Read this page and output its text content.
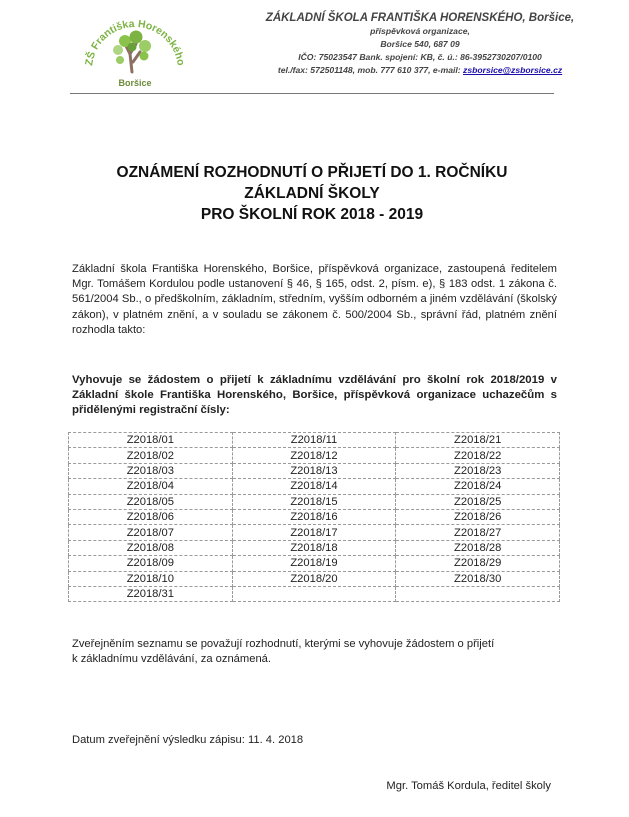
ZŠ Františka Horenského
Boršice
ZÁKLADNÍ ŠKOLA FRANTIŠKA HORENSKÉHO, Boršice,
příspěvková organizace,
Boršice 540, 687 09
IČO: 75023547 Bank. spojení: KB, č. ú.: 86-3952730207/0100
tel./fax: 572501148, mob. 777 610 377, e-mail: zsborsice@zsborsice.cz
OZNÁMENÍ ROZHODNUTÍ O PŘIJETÍ DO 1. ROČNÍKU
ZÁKLADNÍ ŠKOLY
PRO ŠKOLNÍ ROK 2018 - 2019
Základní škola Františka Horenského, Boršice, příspěvková organizace, zastoupená ředitelem Mgr. Tomášem Kordulou podle ustanovení § 46, § 165, odst. 2, písm. e), § 183 odst. 1 zákona č. 561/2004 Sb., o předškolním, základním, středním, vyšším odborném a jiném vzdělávání (školský zákon), v platném znění, a v souladu se zákonem č. 500/2004 Sb., správní řád, platném znění rozhodla takto:
Vyhovuje se žádostem o přijetí k základnímu vzdělávání pro školní rok 2018/2019 v Základní škole Františka Horenského, Boršice, příspěvková organizace uchazečům s přidělenými registrační čísly:
Z2018/01	Z2018/11	Z2018/21
Z2018/02	Z2018/12	Z2018/22
Z2018/03	Z2018/13	Z2018/23
Z2018/04	Z2018/14	Z2018/24
Z2018/05	Z2018/15	Z2018/25
Z2018/06	Z2018/16	Z2018/26
Z2018/07	Z2018/17	Z2018/27
Z2018/08	Z2018/18	Z2018/28
Z2018/09	Z2018/19	Z2018/29
Z2018/10	Z2018/20	Z2018/30
Z2018/31		
Zveřejněním seznamu se považují rozhodnutí, kterými se vyhovuje žádostem o přijetí
k základnímu vzdělávání, za oznámená.
Datum zveřejnění výsledku zápisu: 11. 4. 2018
Mgr. Tomáš Kordula, ředitel školy
